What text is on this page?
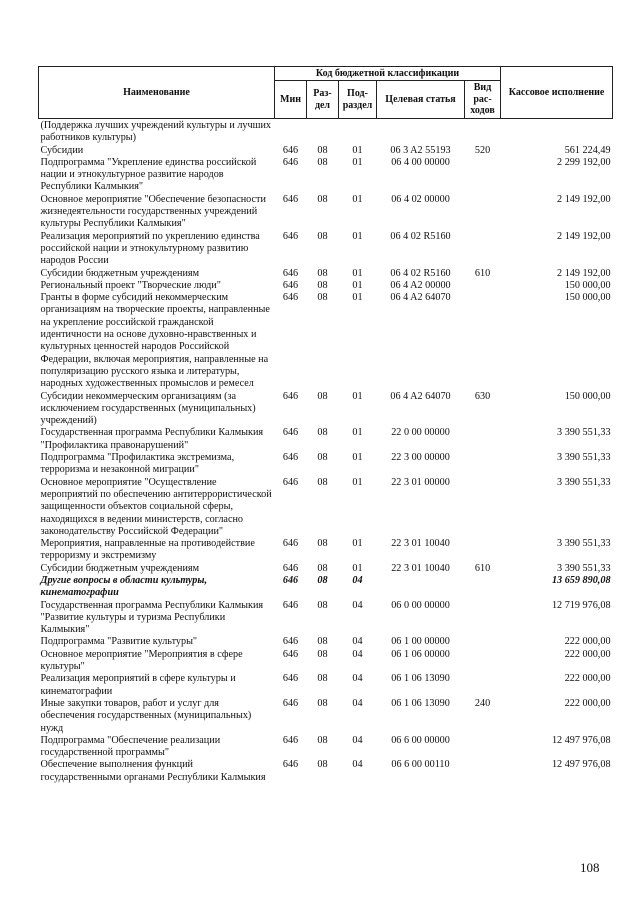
Наименование	Код бюджетной классификации					Кассовое исполнение
	Мин	Раз-дел	Под-раздел	Целевая статья	Вид рас-ходов	
(Поддержка лучших учреждений культуры и лучших работников культуры)						
Субсидии	646	08	01	06 3 A2 55193	520	561 224,49
Подпрограмма "Укрепление единства российской нации и этнокультурное развитие народов Республики Калмыкия"	646	08	01	06 4 00 00000		2 299 192,00
Основное мероприятие "Обеспечение безопасности жизнедеятельности государственных учреждений культуры Республики Калмыкия"	646	08	01	06 4 02 00000		2 149 192,00
Реализация мероприятий по укреплению единства российской нации и этнокультурному развитию народов России	646	08	01	06 4 02 R5160		2 149 192,00
Субсидии бюджетным учреждениям	646	08	01	06 4 02 R5160	610	2 149 192,00
Региональный проект "Творческие люди"	646	08	01	06 4 A2 00000		150 000,00
Гранты в форме субсидий некоммерческим организациям на творческие проекты, направленные на укрепление российской гражданской идентичности на основе духовно-нравственных и культурных ценностей народов Российской Федерации, включая мероприятия, направленные на популяризацию русского языка и литературы, народных художественных промыслов и ремесел	646	08	01	06 4 A2 64070		150 000,00
Субсидии некоммерческим организациям (за исключением государственных (муниципальных) учреждений)	646	08	01	06 4 A2 64070	630	150 000,00
Государственная программа Республики Калмыкия "Профилактика правонарушений"	646	08	01	22 0 00 00000		3 390 551,33
Подпрограмма "Профилактика экстремизма, терроризма и незаконной миграции"	646	08	01	22 3 00 00000		3 390 551,33
Основное мероприятие "Осуществление мероприятий по обеспечению антитеррористической защищенности объектов социальной сферы, находящихся в ведении министерств, согласно законодательству Российской Федерации"	646	08	01	22 3 01 00000		3 390 551,33
Мероприятия, направленные на противодействие терроризму и экстремизму	646	08	01	22 3 01 10040		3 390 551,33
Субсидии бюджетным учреждениям	646	08	01	22 3 01 10040	610	3 390 551,33
Другие вопросы в области культуры, кинематографии	646	08	04			13 659 890,08
Государственная программа Республики Калмыкия "Развитие культуры и туризма Республики Калмыкия"	646	08	04	06 0 00 00000		12 719 976,08
Подпрограмма "Развитие культуры"	646	08	04	06 1 00 00000		222 000,00
Основное мероприятие "Мероприятия в сфере культуры"	646	08	04	06 1 06 00000		222 000,00
Реализация мероприятий в сфере культуры и кинематографии	646	08	04	06 1 06 13090		222 000,00
Иные закупки товаров, работ и услуг для обеспечения государственных (муниципальных) нужд	646	08	04	06 1 06 13090	240	222 000,00
Подпрограмма "Обеспечение реализации государственной программы"	646	08	04	06 6 00 00000		12 497 976,08
Обеспечение выполнения функций государственными органами Республики Калмыкия	646	08	04	06 6 00 00110		12 497 976,08
108
